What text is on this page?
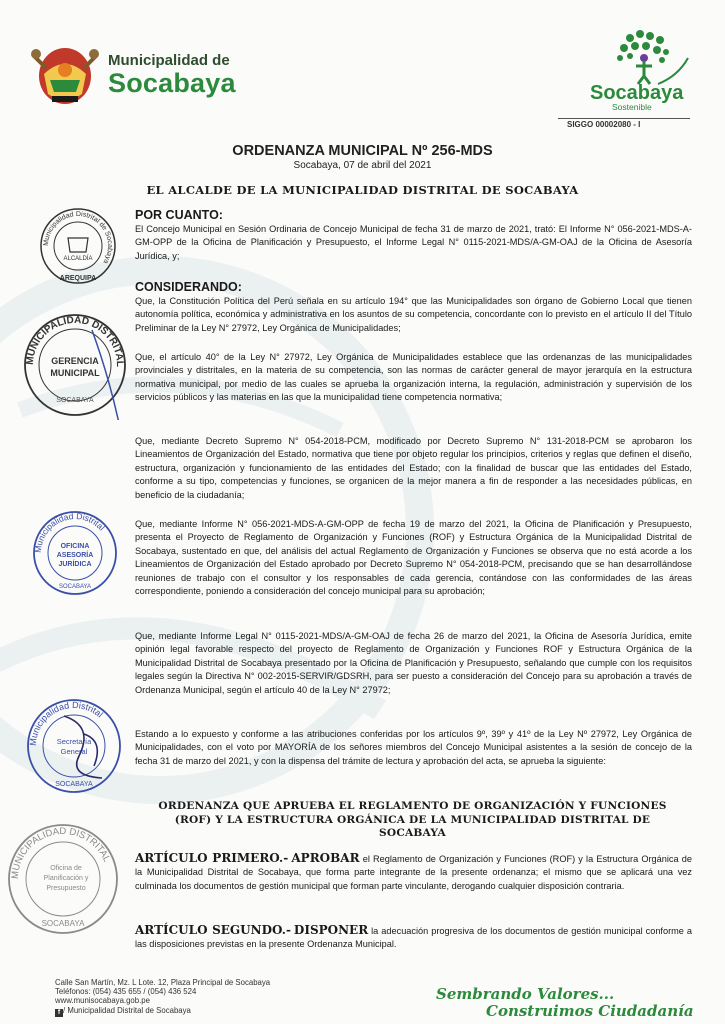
Municipalidad de
Socabaya	Socabaya
Sostenible
SIGGO 00002080 - I
ORDENANZA MUNICIPAL Nº 256-MDS
Socabaya, 07 de abril del 2021
EL ALCALDE DE LA MUNICIPALIDAD DISTRITAL DE SOCABAYA
POR CUANTO:
El Concejo Municipal en Sesión Ordinaria de Concejo Municipal de fecha 31 de marzo de 2021, trató: El Informe N° 056-2021-MDS-A-GM-OPP de la Oficina de Planificación y Presupuesto, el Informe Legal N° 0115-2021-MDS/A-GM-OAJ de la Oficina de Asesoría Jurídica, y;
CONSIDERANDO:
Que, la Constitución Política del Perú señala en su artículo 194° que las Municipalidades son órgano de Gobierno Local que tienen autonomía política, económica y administrativa en los asuntos de su competencia, concordante con lo previsto en el artículo II del Título Preliminar de la Ley N° 27972, Ley Orgánica de Municipalidades;
Que, el artículo 40° de la Ley N° 27972, Ley Orgánica de Municipalidades establece que las ordenanzas de las municipalidades provinciales y distritales, en la materia de su competencia, son las normas de carácter general de mayor jerarquía en la estructura normativa municipal, por medio de las cuales se aprueba la organización interna, la regulación, administración y supervisión de los servicios públicos y las materias en las que la municipalidad tiene competencia normativa;
Que, mediante Decreto Supremo N° 054-2018-PCM, modificado por Decreto Supremo N° 131-2018-PCM se aprobaron los Lineamientos de Organización del Estado, normativa que tiene por objeto regular los principios, criterios y reglas que definen el diseño, estructura, organización y funcionamiento de las entidades del Estado; con la finalidad de buscar que las entidades del Estado, conforme a su tipo, competencias y funciones, se organicen de la mejor manera a fin de responder a las necesidades públicas, en beneficio de la ciudadanía;
Que, mediante Informe N° 056-2021-MDS-A-GM-OPP de fecha 19 de marzo del 2021, la Oficina de Planificación y Presupuesto, presenta el Proyecto de Reglamento de Organización y Funciones (ROF) y Estructura Orgánica de la Municipalidad Distrital de Socabaya, sustentado en que, del análisis del actual Reglamento de Organización y Funciones se observa que no está acorde a los Lineamientos de Organización del Estado aprobado por Decreto Supremo N° 054-2018-PCM, precisando que se han desarrollándose reuniones de trabajo con el consultor y los responsables de cada gerencia, contándose con las conformidades de las áreas correspondiente, poniendo a consideración del concejo municipal para su aprobación;
Que, mediante Informe Legal N° 0115-2021-MDS/A-GM-OAJ de fecha 26 de marzo del 2021, la Oficina de Asesoría Jurídica, emite opinión legal favorable respecto del proyecto de Reglamento de Organización y Funciones ROF y Estructura Orgánica de la Municipalidad Distrital de Socabaya presentado por la Oficina de Planificación y Presupuesto, señalando que cumple con los requisitos legales según la Directiva N° 002-2015-SERVIR/GDSRH, para ser puesto a consideración del Concejo para su aprobación a través de Ordenanza Municipal, según el artículo 40 de la Ley N° 27972;
Estando a lo expuesto y conforme a las atribuciones conferidas por los artículos 9º, 39º y 41º de la Ley Nº 27972, Ley Orgánica de Municipalidades, con el voto por MAYORÍA de los señores miembros del Concejo Municipal asistentes a la sesión de concejo de la fecha 31 de marzo del 2021, y con la dispensa del trámite de lectura y aprobación del acta, se aprueba la siguiente:
ORDENANZA QUE APRUEBA EL REGLAMENTO DE ORGANIZACIÓN Y FUNCIONES (ROF) Y LA ESTRUCTURA ORGÁNICA DE LA MUNICIPALIDAD DISTRITAL DE SOCABAYA
ARTÍCULO PRIMERO.- APROBAR el Reglamento de Organización y Funciones (ROF) y la Estructura Orgánica de la Municipalidad Distrital de Socabaya, que forma parte integrante de la presente ordenanza; el mismo que se aplicará una vez culminada los documentos de gestión municipal que forman parte vinculante, derogando cualquier disposición contraria.
ARTÍCULO SEGUNDO.- DISPONER la adecuación progresiva de los documentos de gestión municipal conforme a las disposiciones previstas en la presente Ordenanza Municipal.
Municipalidad Distrital de Socabaya
ALCALDÍA
AREQUIPA
MUNICIPALIDAD DISTRITAL
GERENCIA
MUNICIPAL
SOCABAYA
Municipalidad Distrital
OFICINA
ASESORÍA
JURÍDICA
SOCABAYA
Municipalidad Distrital
Secretaría
General
SOCABAYA
MUNICIPALIDAD DISTRITAL
Oficina de
Planificación y
Presupuesto
SOCABAYA
Calle San Martín, Mz. L Lote. 12, Plaza Principal de Socabaya
Teléfonos: (054) 435 655 / (054) 436 524
www.munisocabaya.gob.pe
f / Municipalidad Distrital de Socabaya
Sembrando Valores...
Construimos Ciudadanía
